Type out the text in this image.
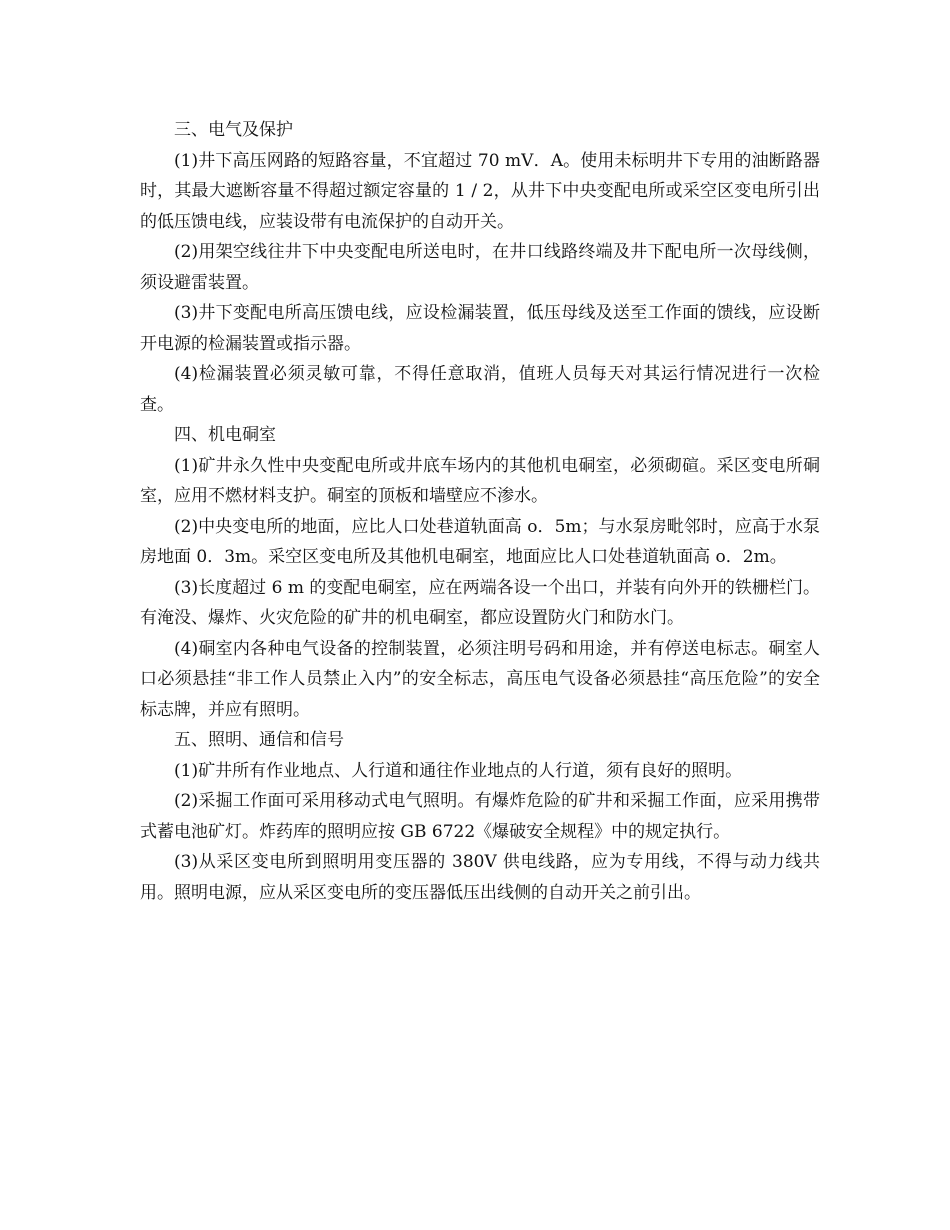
三、电气及保护
(1)井下高压网路的短路容量，不宜超过 70 mV．A。使用未标明井下专用的油断路器时，其最大遮断容量不得超过额定容量的 1 / 2，从井下中央变配电所或采空区变电所引出的低压馈电线，应装设带有电流保护的自动开关。
(2)用架空线往井下中央变配电所送电时，在井口线路终端及井下配电所一次母线侧，须设避雷装置。
(3)井下变配电所高压馈电线，应设检漏装置，低压母线及送至工作面的馈线，应设断开电源的检漏装置或指示器。
(4)检漏装置必须灵敏可靠，不得任意取消，值班人员每天对其运行情况进行一次检查。
四、机电硐室
(1)矿井永久性中央变配电所或井底车场内的其他机电硐室，必须砌碹。采区变电所硐室，应用不燃材料支护。硐室的顶板和墙壁应不渗水。
(2)中央变电所的地面，应比人口处巷道轨面高 o．5m；与水泵房毗邻时，应高于水泵房地面 0．3m。采空区变电所及其他机电硐室，地面应比人口处巷道轨面高 o．2m。
(3)长度超过 6 m 的变配电硐室，应在两端各设一个出口，并装有向外开的铁栅栏门。有淹没、爆炸、火灾危险的矿井的机电硐室，都应设置防火门和防水门。
(4)硐室内各种电气设备的控制装置，必须注明号码和用途，并有停送电标志。硐室人口必须悬挂“非工作人员禁止入内”的安全标志，高压电气设备必须悬挂“高压危险”的安全标志牌，并应有照明。
五、照明、通信和信号
(1)矿井所有作业地点、人行道和通往作业地点的人行道，须有良好的照明。
(2)采掘工作面可采用移动式电气照明。有爆炸危险的矿井和采掘工作面，应采用携带式蓄电池矿灯。炸药库的照明应按 GB 6722《爆破安全规程》中的规定执行。
(3)从采区变电所到照明用变压器的 380V 供电线路，应为专用线，不得与动力线共用。照明电源，应从采区变电所的变压器低压出线侧的自动开关之前引出。
